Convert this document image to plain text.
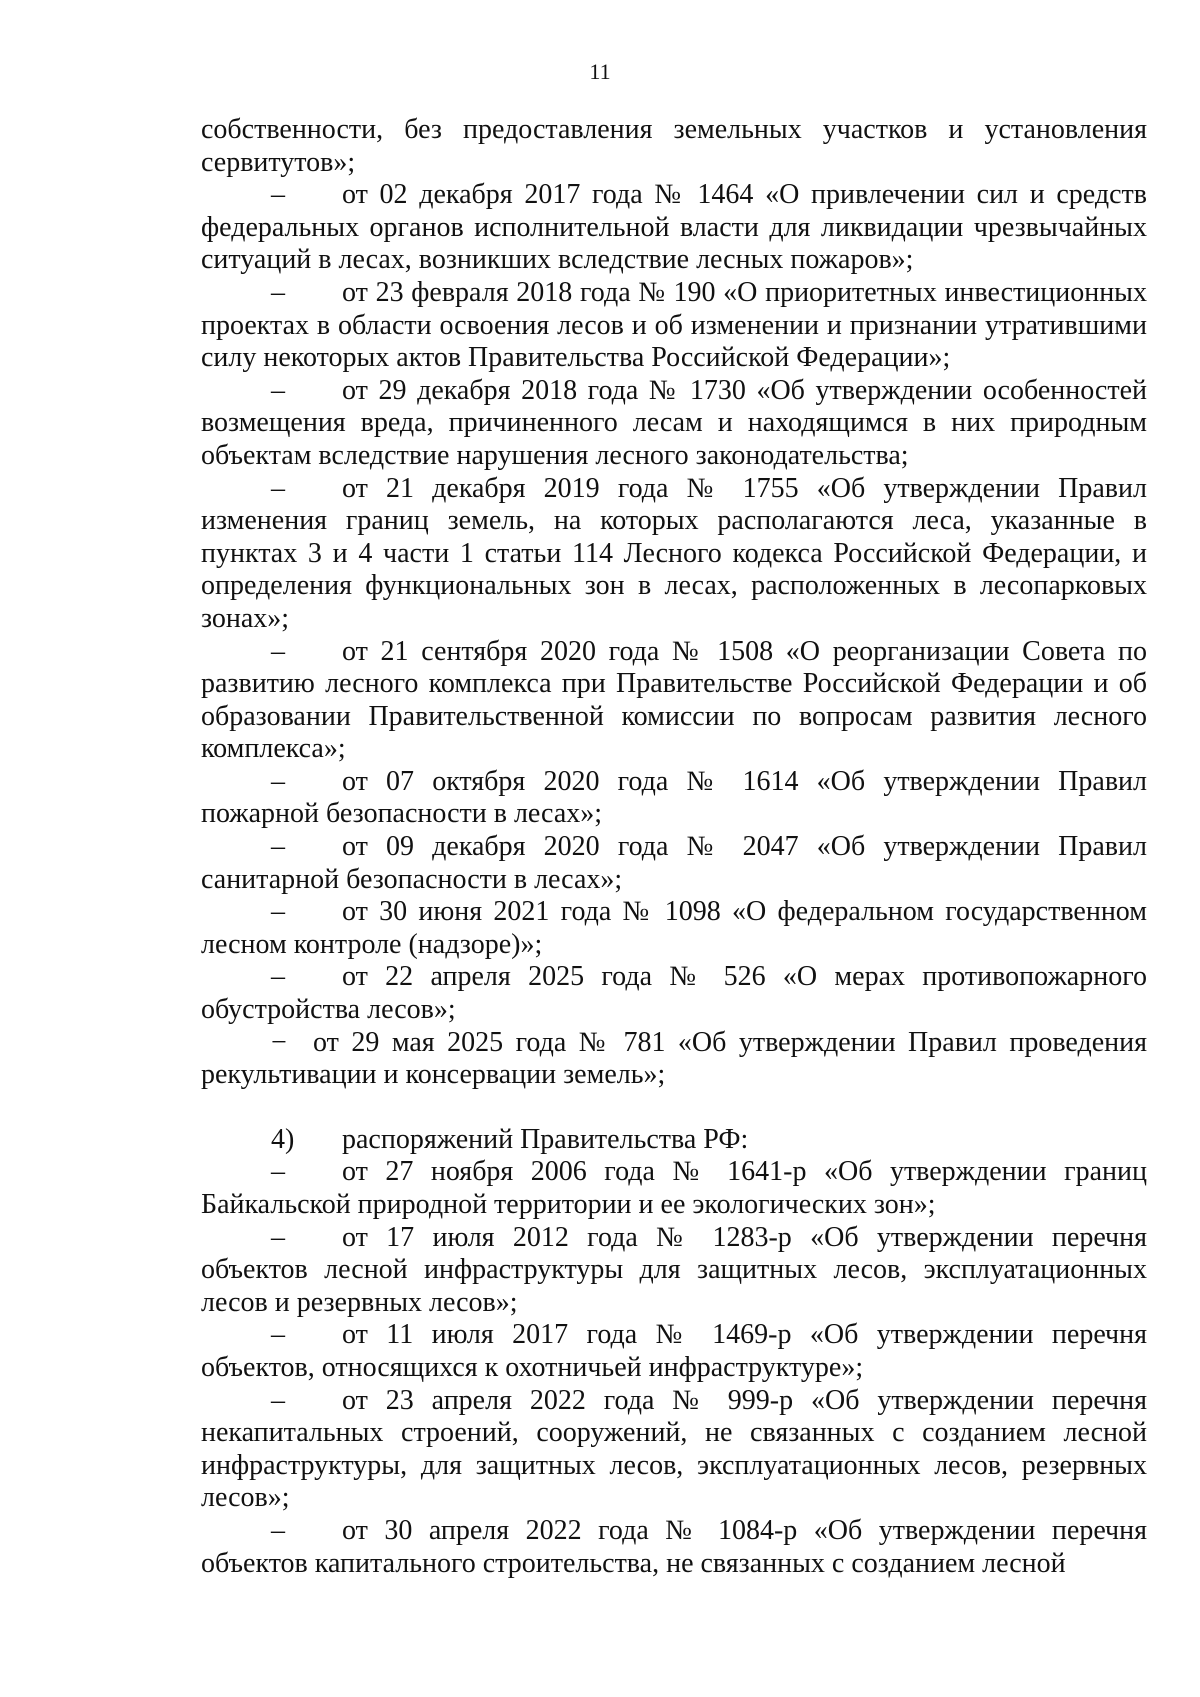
11

собственности, без предоставления земельных участков и установления сервитутов»;

– от 02 декабря 2017 года № 1464 «О привлечении сил и средств федеральных органов исполнительной власти для ликвидации чрезвычайных ситуаций в лесах, возникших вследствие лесных пожаров»;

– от 23 февраля 2018 года № 190 «О приоритетных инвестиционных проектах в области освоения лесов и об изменении и признании утратившими силу некоторых актов Правительства Российской Федерации»;

– от 29 декабря 2018 года № 1730 «Об утверждении особенностей возмещения вреда, причиненного лесам и находящимся в них природным объектам вследствие нарушения лесного законодательства;

– от 21 декабря 2019 года № 1755 «Об утверждении Правил изменения границ земель, на которых располагаются леса, указанные в пунктах 3 и 4 части 1 статьи 114 Лесного кодекса Российской Федерации, и определения функциональных зон в лесах, расположенных в лесопарковых зонах»;

– от 21 сентября 2020 года № 1508 «О реорганизации Совета по развитию лесного комплекса при Правительстве Российской Федерации и об образовании Правительственной комиссии по вопросам развития лесного комплекса»;

– от 07 октября 2020 года № 1614 «Об утверждении Правил пожарной безопасности в лесах»;

– от 09 декабря 2020 года № 2047 «Об утверждении Правил санитарной безопасности в лесах»;

– от 30 июня 2021 года № 1098 «О федеральном государственном лесном контроле (надзоре)»;

– от 22 апреля 2025 года № 526 «О мерах противопожарного обустройства лесов»;

− от 29 мая 2025 года № 781 «Об утверждении Правил проведения рекультивации и консервации земель»;

4) распоряжений Правительства РФ:

– от 27 ноября 2006 года № 1641-р «Об утверждении границ Байкальской природной территории и ее экологических зон»;

– от 17 июля 2012 года № 1283-р «Об утверждении перечня объектов лесной инфраструктуры для защитных лесов, эксплуатационных лесов и резервных лесов»;

– от 11 июля 2017 года № 1469-р «Об утверждении перечня объектов, относящихся к охотничьей инфраструктуре»;

– от 23 апреля 2022 года № 999-р «Об утверждении перечня некапитальных строений, сооружений, не связанных с созданием лесной инфраструктуры, для защитных лесов, эксплуатационных лесов, резервных лесов»;

– от 30 апреля 2022 года № 1084-р «Об утверждении перечня объектов капитального строительства, не связанных с созданием лесной
